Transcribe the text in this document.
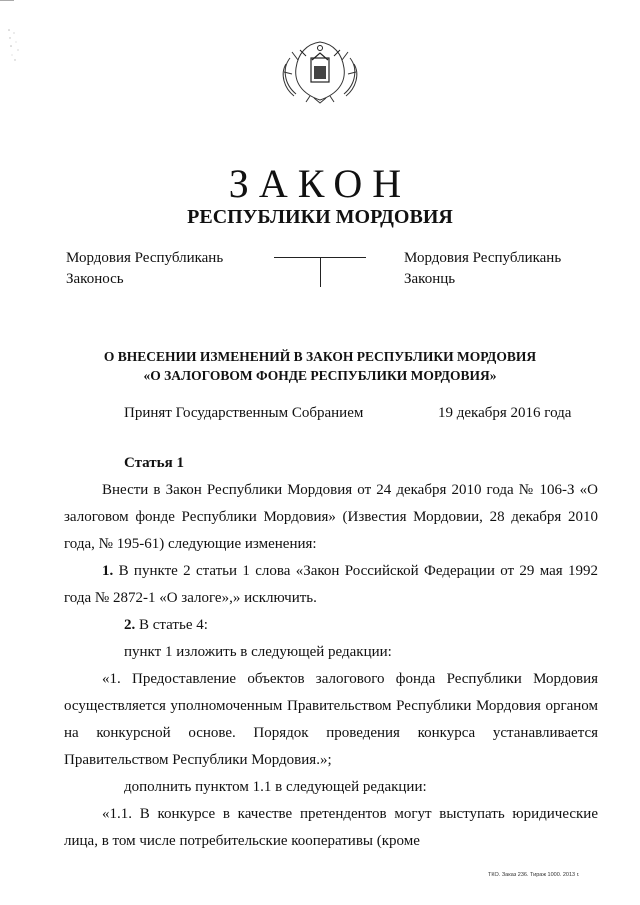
ЗАКОН
РЕСПУБЛИКИ МОРДОВИЯ
Мордовия Республикань
Законось
Мордовия Республикань
Законць
О ВНЕСЕНИИ ИЗМЕНЕНИЙ В ЗАКОН РЕСПУБЛИКИ МОРДОВИЯ
«О ЗАЛОГОВОМ ФОНДЕ РЕСПУБЛИКИ МОРДОВИЯ»
Принят Государственным Собранием	19 декабря 2016 года

Статья 1

Внести в Закон Республики Мордовия от 24 декабря 2010 года № 106-З «О залоговом фонде Республики Мордовия» (Известия Мордовии, 28 декабря 2010 года, № 195-61) следующие изменения:

1. В пункте 2 статьи 1 слова «Закон Российской Федерации от 29 мая 1992 года № 2872-1 «О залоге»,» исключить.

2. В статье 4:

пункт 1 изложить в следующей редакции:

«1. Предоставление объектов залогового фонда Республики Мордовия осуществляется уполномоченным Правительством Республики Мордовия органом на конкурсной основе. Порядок проведения конкурса устанавливается Правительством Республики Мордовия.»;

дополнить пунктом 1.1 в следующей редакции:

«1.1. В конкурсе в качестве претендентов могут выступать юридические лица, в том числе потребительские кооперативы (кроме

ТКО. Заказ 236. Тираж 1000. 2013 г.
